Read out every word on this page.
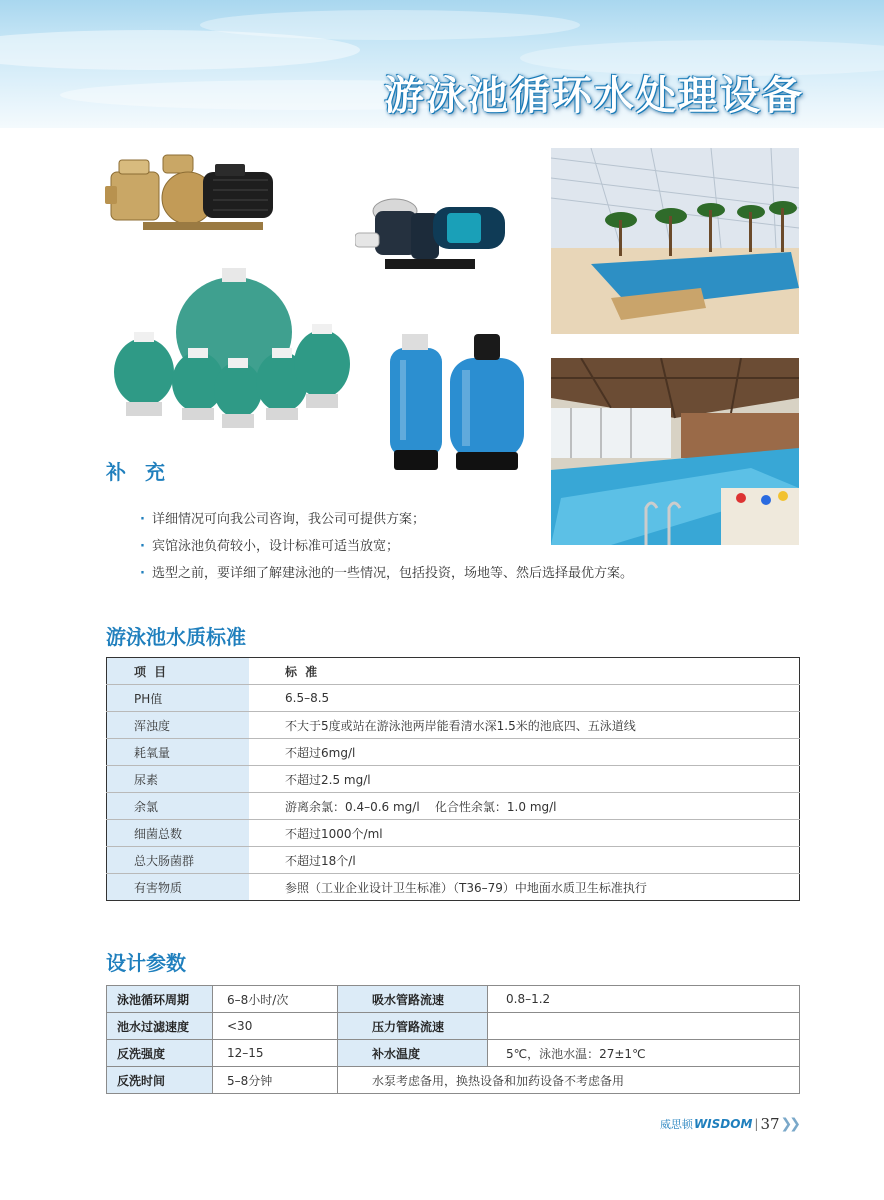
游泳池循环水处理设备
补 充
· 详细情况可向我公司咨询，我公司可提供方案；
· 宾馆泳池负荷较小，设计标准可适当放宽；
· 选型之前，要详细了解建泳池的一些情况，包括投资，场地等、然后选择最优方案。
游泳池水质标准
项 目	标 准
PH值	6.5–8.5
浑浊度	不大于5度或站在游泳池两岸能看清水深1.5米的池底四、五泳道线
耗氧量	不超过6mg/l
尿素	不超过2.5 mg/l
余氯	游离余氯：0.4–0.6 mg/l    化合性余氯：1.0 mg/l
细菌总数	不超过1000个/ml
总大肠菌群	不超过18个/l
有害物质	参照（工业企业设计卫生标准）（T36–79）中地面水质卫生标准执行
设计参数
泳池循环周期	6–8小时/次	吸水管路流速	0.8–1.2
池水过滤速度	<30	压力管路流速	
反洗强度	12–15	补水温度	5℃，泳池水温：27±1℃
反洗时间	5–8分钟	水泵考虑备用，换热设备和加药设备不考虑备用	
威思顿 WISDOM | 37 ❯❯
